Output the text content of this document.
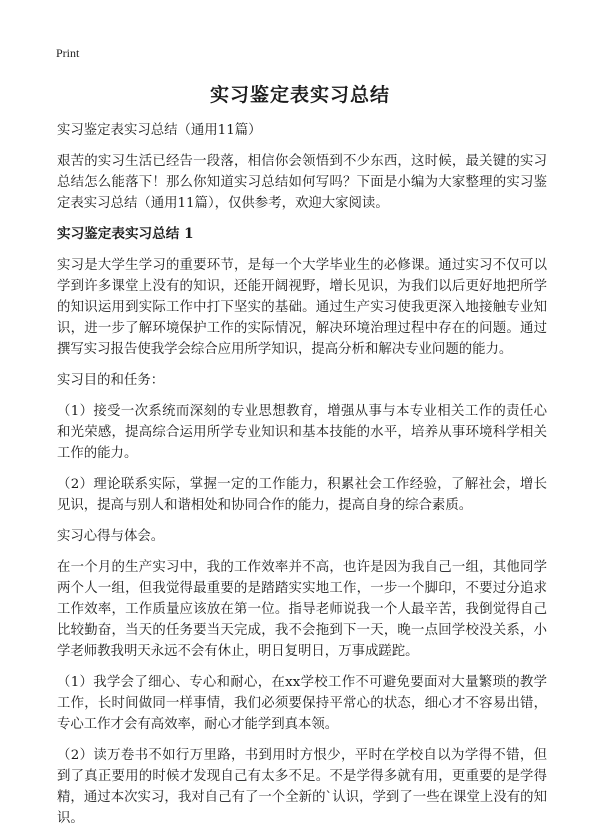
Print
实习鉴定表实习总结

实习鉴定表实习总结（通用11篇）

艰苦的实习生活已经告一段落，相信你会领悟到不少东西，这时候，最关键的实习总结怎么能落下！那么你知道实习总结如何写吗？下面是小编为大家整理的实习鉴定表实习总结（通用11篇），仅供参考，欢迎大家阅读。

实习鉴定表实习总结 1

实习是大学生学习的重要环节，是每一个大学毕业生的必修课。通过实习不仅可以学到许多课堂上没有的知识，还能开阔视野，增长见识，为我们以后更好地把所学的知识运用到实际工作中打下坚实的基础。通过生产实习使我更深入地接触专业知识，进一步了解环境保护工作的实际情况，解决环境治理过程中存在的问题。通过撰写实习报告使我学会综合应用所学知识，提高分析和解决专业问题的能力。

实习目的和任务：

（1）接受一次系统而深刻的专业思想教育，增强从事与本专业相关工作的责任心和光荣感，提高综合运用所学专业知识和基本技能的水平，培养从事环境科学相关工作的能力。

（2）理论联系实际，掌握一定的工作能力，积累社会工作经验，了解社会，增长见识，提高与别人和谐相处和协同合作的能力，提高自身的综合素质。

实习心得与体会。

在一个月的生产实习中，我的工作效率并不高，也许是因为我自己一组，其他同学两个人一组，但我觉得最重要的是踏踏实实地工作，一步一个脚印，不要过分追求工作效率，工作质量应该放在第一位。指导老师说我一个人最辛苦，我倒觉得自己比较勤奋，当天的任务要当天完成，我不会拖到下一天，晚一点回学校没关系，小学老师教我明天永远不会有休止，明日复明日，万事成蹉跎。

（1）我学会了细心、专心和耐心，在xx学校工作不可避免要面对大量繁琐的教学工作，长时间做同一样事情，我们必须要保持平常心的状态，细心才不容易出错，专心工作才会有高效率，耐心才能学到真本领。

（2）读万卷书不如行万里路，书到用时方恨少，平时在学校自以为学得不错，但到了真正要用的时候才发现自己有太多不足。不是学得多就有用，更重要的是学得精，通过本次实习，我对自己有了一个全新的`认识，学到了一些在课堂上没有的知识。
